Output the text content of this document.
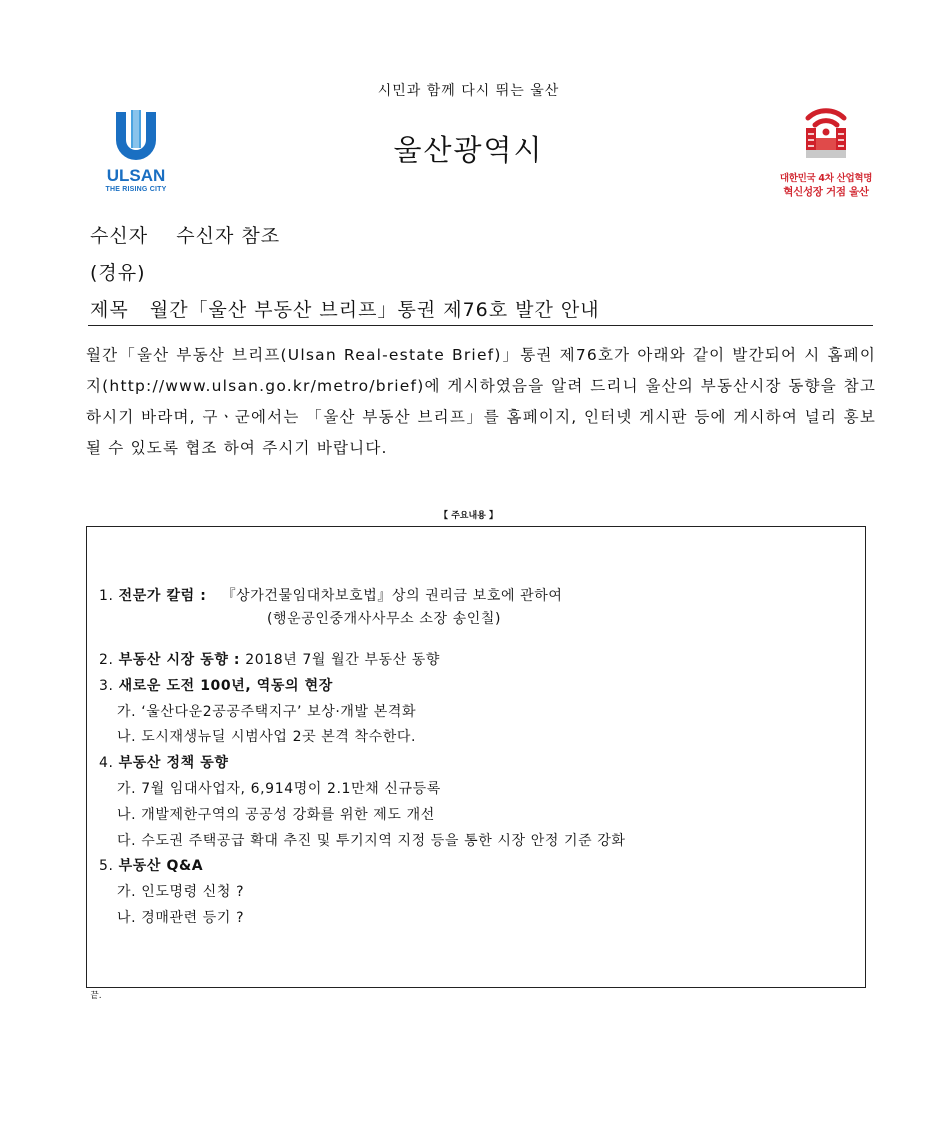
시민과 함께 다시 뛰는 울산
울산광역시
ULSAN
THE RISING CITY
대한민국 4차 산업혁명
혁신성장 거점 울산
수신자 수신자 참조
(경유)
제목 월간「울산 부동산 브리프」통권 제76호 발간 안내
월간「울산 부동산 브리프(Ulsan Real-estate Brief)」통권 제76호가 아래와 같이 발간되어 시 홈페이지(http://www.ulsan.go.kr/metro/brief)에 게시하였음을 알려 드리니 울산의 부동산시장 동향을 참고하시기 바라며, 구ㆍ군에서는 「울산 부동산 브리프」를 홈페이지, 인터넷 게시판 등에 게시하여 널리 홍보될 수 있도록 협조 하여 주시기 바랍니다.
【 주요내용 】
1. 전문가 칼럼 : 『상가건물임대차보호법』상의 권리금 보호에 관하여
(행운공인중개사사무소 소장 송인칠)
2. 부동산 시장 동향 : 2018년 7월 월간 부동산 동향
3. 새로운 도전 100년, 역동의 현장
가. ‘울산다운2공공주택지구’ 보상·개발 본격화
나. 도시재생뉴딜 시범사업 2곳 본격 착수한다.
4. 부동산 정책 동향
가. 7월 임대사업자, 6,914명이 2.1만채 신규등록
나. 개발제한구역의 공공성 강화를 위한 제도 개선
다. 수도권 주택공급 확대 추진 및 투기지역 지정 등을 통한 시장 안정 기준 강화
5. 부동산 Q&A
가. 인도명령 신청 ?
나. 경매관련 등기 ?
끝.
